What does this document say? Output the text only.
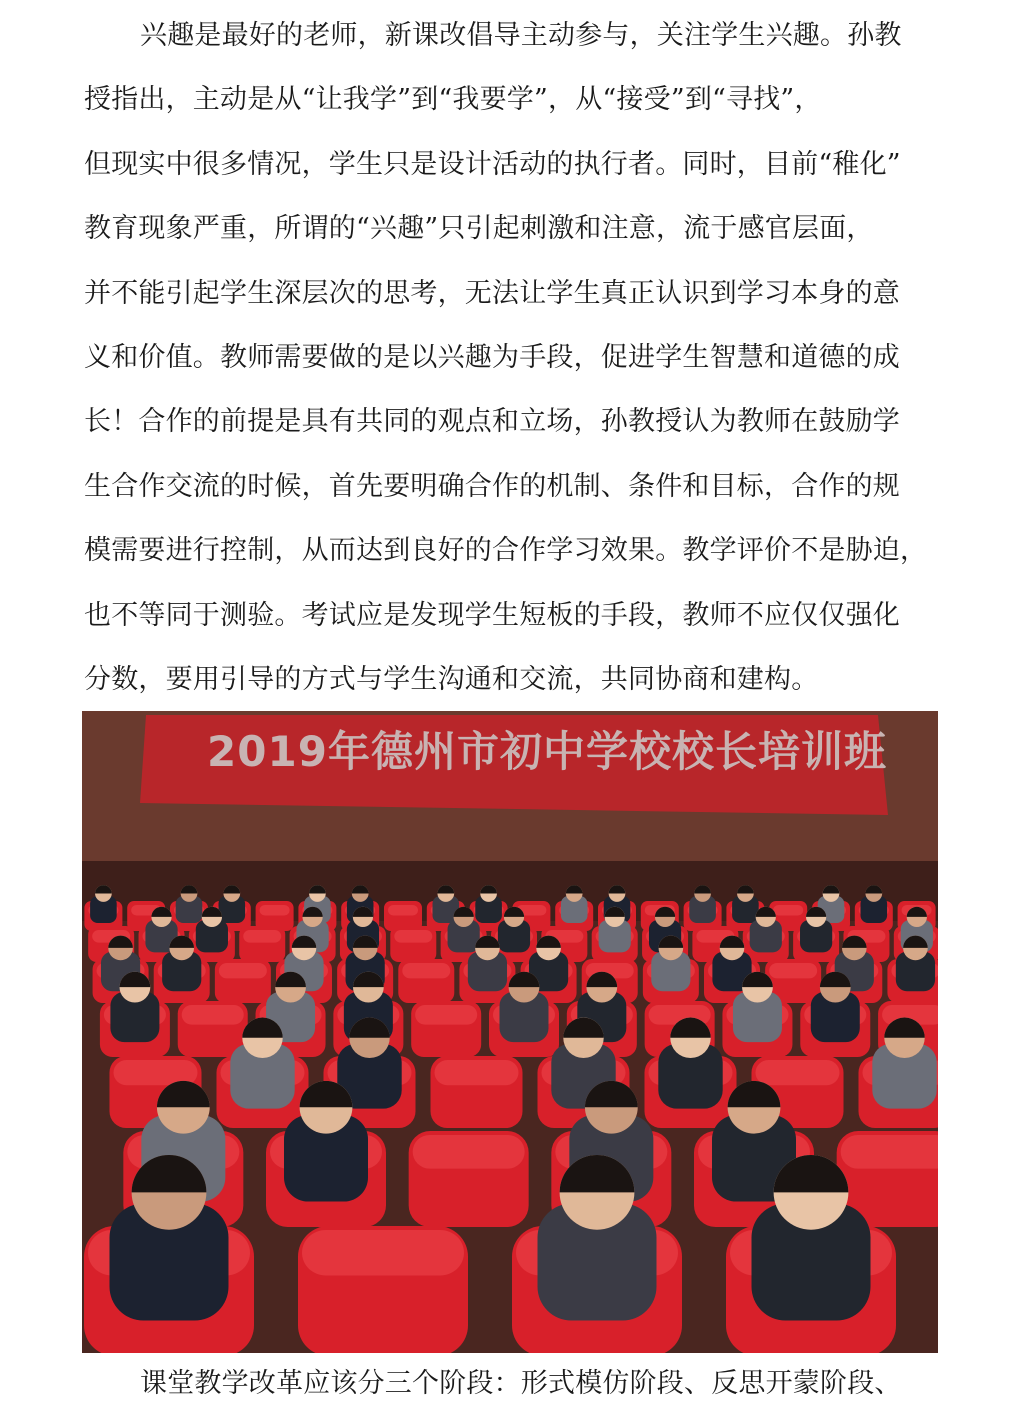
兴趣是最好的老师，新课改倡导主动参与，关注学生兴趣。孙教
授指出，主动是从“让我学”到“我要学”，从“接受”到“寻找”，
但现实中很多情况，学生只是设计活动的执行者。同时，目前“稚化”
教育现象严重，所谓的“兴趣”只引起刺激和注意，流于感官层面，
并不能引起学生深层次的思考，无法让学生真正认识到学习本身的意
义和价值。教师需要做的是以兴趣为手段，促进学生智慧和道德的成
长！合作的前提是具有共同的观点和立场，孙教授认为教师在鼓励学
生合作交流的时候，首先要明确合作的机制、条件和目标，合作的规
模需要进行控制，从而达到良好的合作学习效果。教学评价不是胁迫，
也不等同于测验。考试应是发现学生短板的手段，教师不应仅仅强化
分数，要用引导的方式与学生沟通和交流，共同协商和建构。
2019年德州市初中学校校长培训班
课堂教学改革应该分三个阶段：形式模仿阶段、反思开蒙阶段、
